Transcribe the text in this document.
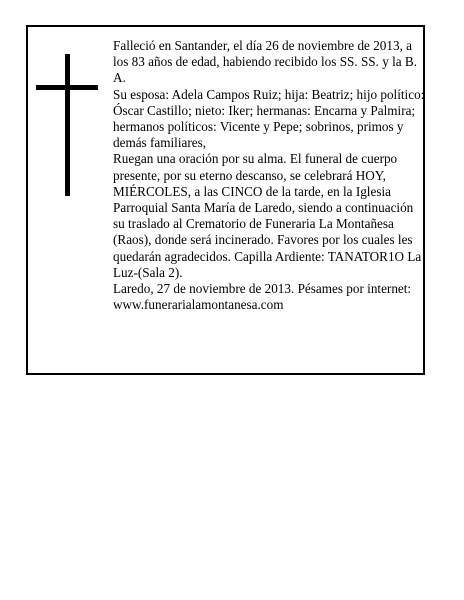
Falleció en Santander, el día 26 de noviembre de 2013, a los 83 años de edad, habiendo recibido los SS. SS. y la B. A.

Su esposa: Adela Campos Ruiz; hija: Beatriz; hijo político: Óscar Castillo; nieto: Iker; hermanas: Encarna y Palmira; hermanos políticos: Vicente y Pepe; sobrinos, primos y demás familiares,

Ruegan una oración por su alma. El funeral de cuerpo presente, por su eterno descanso, se celebrará HOY, MIÉRCOLES, a las CINCO de la tarde, en la Iglesia Parroquial Santa María de Laredo, siendo a continuación su traslado al Crematorio de Funeraria La Montañesa (Raos), donde será incinerado. Favores por los cuales les quedarán agradecidos. Capilla Ardiente: TANATOR1O La Luz-(Sala 2).

Laredo, 27 de noviembre de 2013. Pésames por internet: www.funerarialamontanesa.com
